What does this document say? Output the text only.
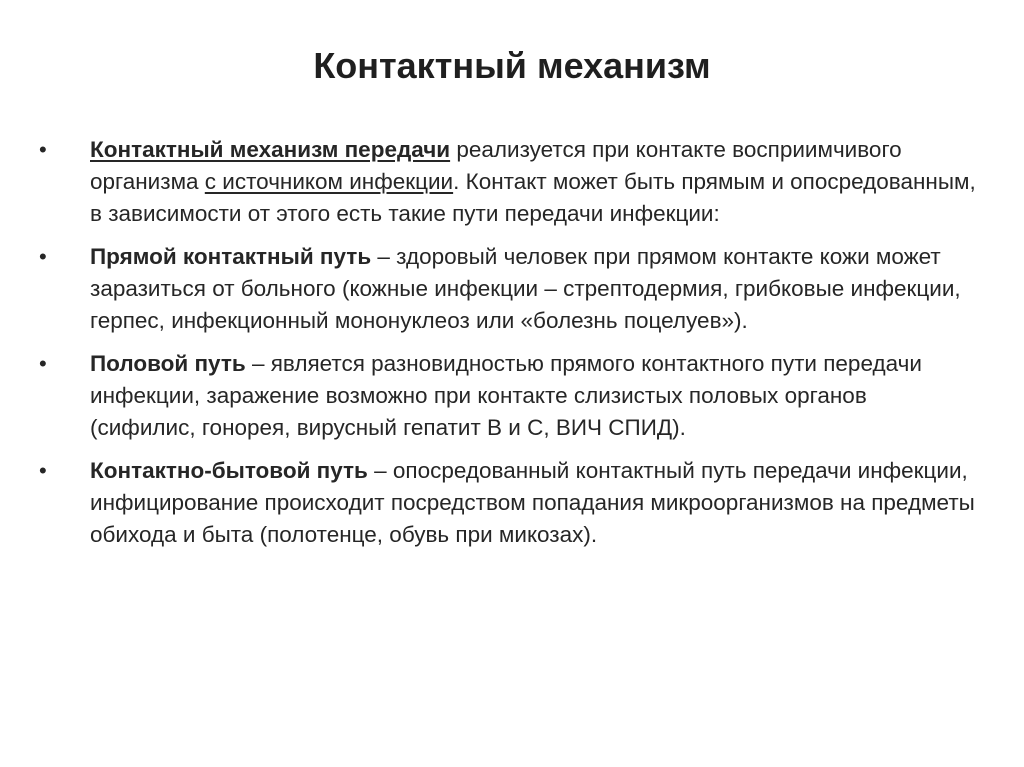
Контактный механизм
• Контактный механизм передачи реализуется при контакте восприимчивого организма с источником инфекции. Контакт может быть прямым и опосредованным, в зависимости от этого есть такие пути передачи инфекции:
• Прямой контактный путь – здоровый человек при прямом контакте кожи может заразиться от больного (кожные инфекции – стрептодермия, грибковые инфекции, герпес, инфекционный мононуклеоз или «болезнь поцелуев»).
• Половой путь – является разновидностью прямого контактного пути передачи инфекции, заражение возможно при контакте слизистых половых органов (сифилис, гонорея, вирусный гепатит В и С, ВИЧ СПИД).
• Контактно-бытовой путь – опосредованный контактный путь передачи инфекции, инфицирование происходит посредством попадания микроорганизмов на предметы обихода и быта (полотенце, обувь при микозах).
